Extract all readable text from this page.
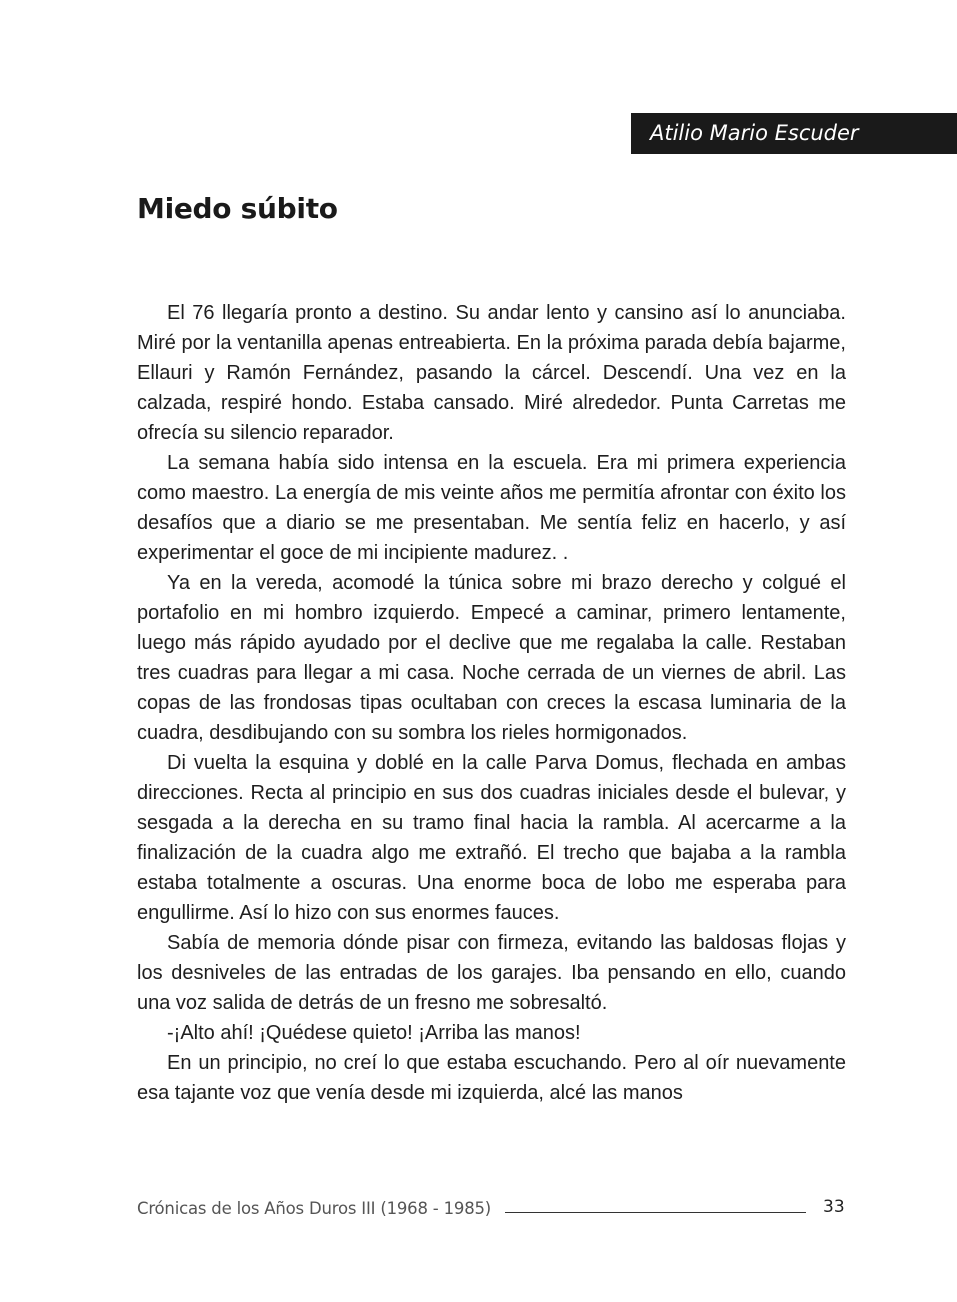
Atilio Mario Escuder
Miedo súbito

El 76 llegaría pronto a destino. Su andar lento y cansino así lo anunciaba. Miré por la ventanilla apenas entreabierta. En la próxima parada debía bajarme, Ellauri y Ramón Fernández, pasando la cárcel. Descendí. Una vez en la calzada, respiré hondo. Estaba cansado. Miré alrededor. Punta Carretas me ofrecía su silencio reparador.

La semana había sido intensa en la escuela. Era mi primera experiencia como maestro. La energía de mis veinte años me permitía afrontar con éxito los desafíos que a diario se me presentaban. Me sentía feliz en hacerlo, y así experimentar el goce de mi incipiente madurez. .

Ya en la vereda, acomodé la túnica sobre mi brazo derecho y colgué el portafolio en mi hombro izquierdo. Empecé a caminar, primero lentamente, luego más rápido ayudado por el declive que me regalaba la calle. Restaban tres cuadras para llegar a mi casa. Noche cerrada de un viernes de abril. Las copas de las frondosas tipas ocultaban con creces la escasa luminaria de la cuadra, desdibujando con su sombra los rieles hormigonados.

Di vuelta la esquina y doblé en la calle Parva Domus, flechada en ambas direcciones. Recta al principio en sus dos cuadras iniciales desde el bulevar, y sesgada a la derecha en su tramo final hacia la rambla. Al acercarme a la finalización de la cuadra algo me extrañó. El trecho que bajaba a la rambla estaba totalmente a oscuras. Una enorme boca de lobo me esperaba para engullirme. Así lo hizo con sus enormes fauces.

Sabía de memoria dónde pisar con firmeza, evitando las baldosas flojas y los desniveles de las entradas de los garajes. Iba pensando en ello, cuando una voz salida de detrás de un fresno me sobresaltó.

-¡Alto ahí! ¡Quédese quieto! ¡Arriba las manos!

En un principio, no creí lo que estaba escuchando. Pero al oír nuevamente esa tajante voz que venía desde mi izquierda, alcé las manos

Crónicas de los Años Duros III (1968 - 1985)	33
